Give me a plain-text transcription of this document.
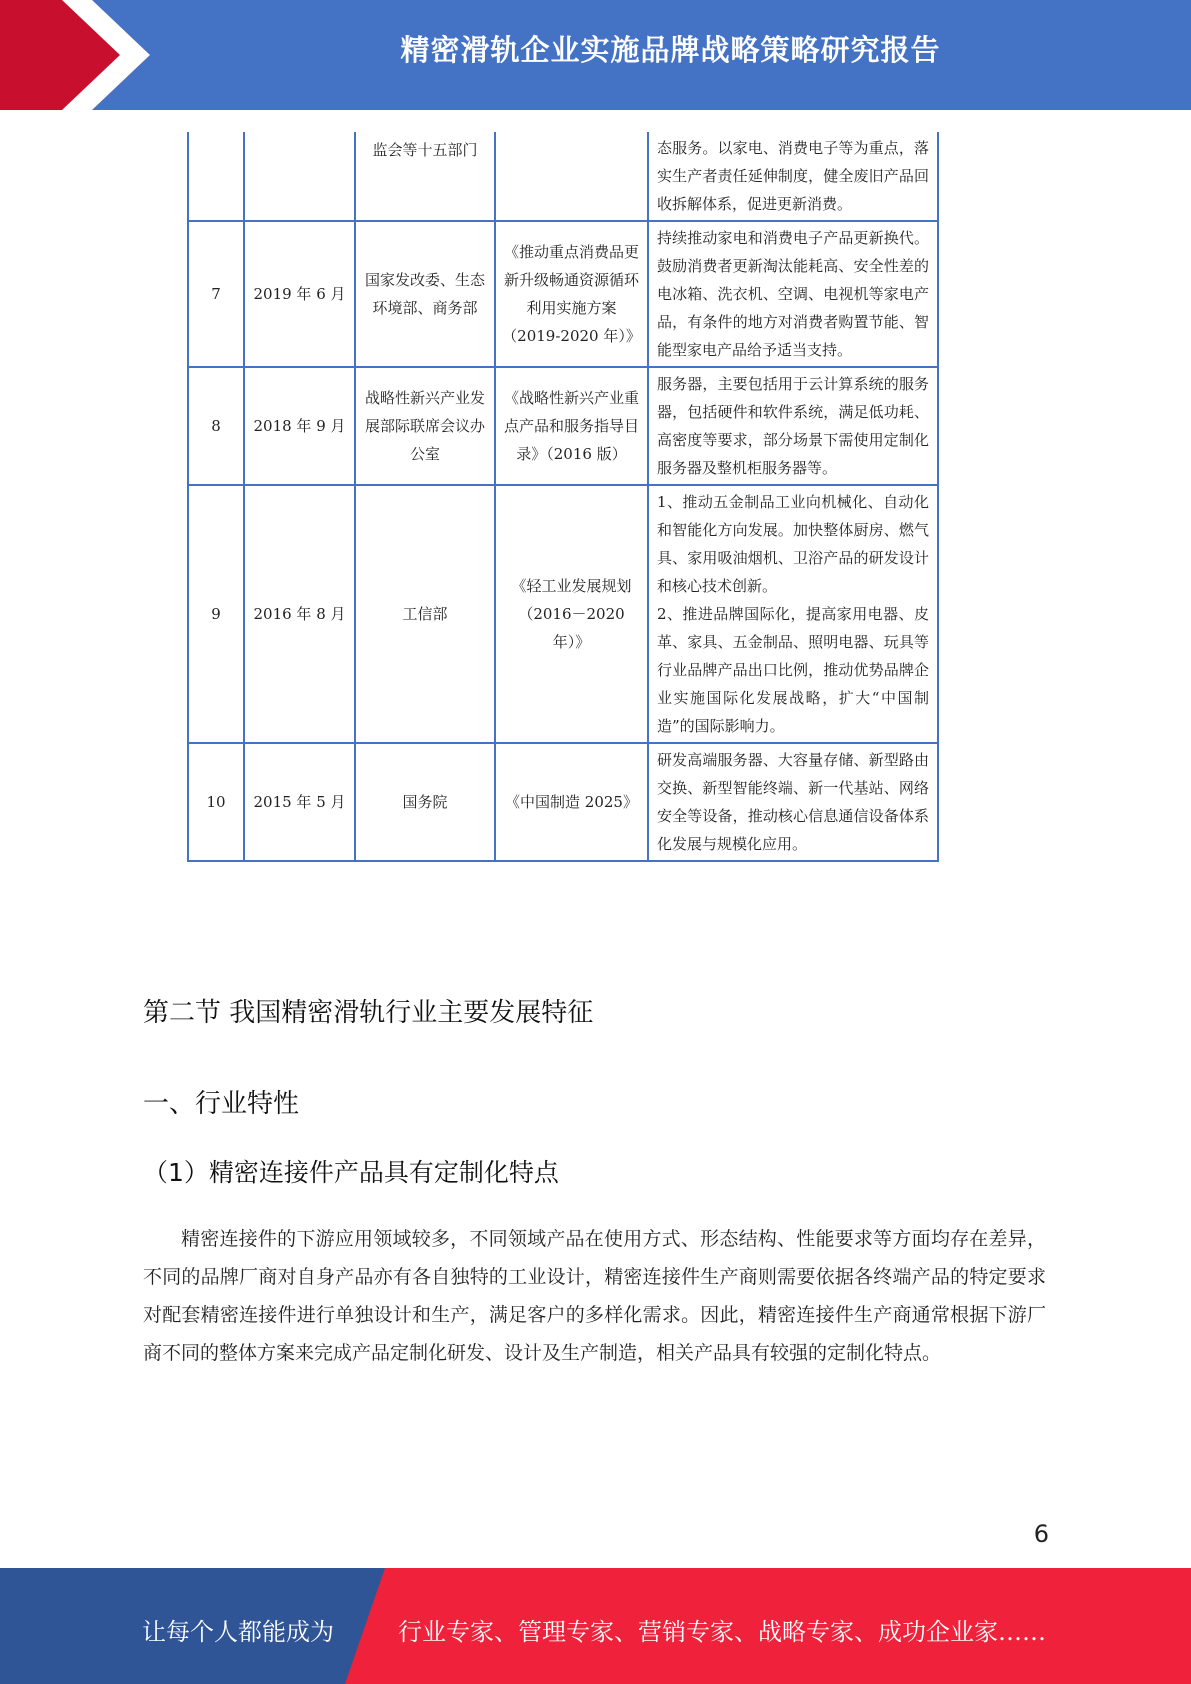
精密滑轨企业实施品牌战略策略研究报告
		监会等十五部门		态服务。以家电、消费电子等为重点，落实生产者责任延伸制度，健全废旧产品回收拆解体系，促进更新消费。
7	2019 年 6 月	国家发改委、生态环境部、商务部	《推动重点消费品更新升级畅通资源循环利用实施方案（2019-2020 年）》	持续推动家电和消费电子产品更新换代。鼓励消费者更新淘汰能耗高、安全性差的电冰箱、洗衣机、空调、电视机等家电产品，有条件的地方对消费者购置节能、智能型家电产品给予适当支持。
8	2018 年 9 月	战略性新兴产业发展部际联席会议办公室	《战略性新兴产业重点产品和服务指导目录》（2016 版）	服务器，主要包括用于云计算系统的服务器，包括硬件和软件系统，满足低功耗、高密度等要求，部分场景下需使用定制化服务器及整机柜服务器等。
9	2016 年 8 月	工信部	《轻工业发展规划（2016－2020 年）》	1、推动五金制品工业向机械化、自动化和智能化方向发展。加快整体厨房、燃气具、家用吸油烟机、卫浴产品的研发设计和核心技术创新。
2、推进品牌国际化，提高家用电器、皮革、家具、五金制品、照明电器、玩具等行业品牌产品出口比例，推动优势品牌企业实施国际化发展战略，扩大“中国制造”的国际影响力。

10	2015 年 5 月	国务院	《中国制造 2025》	研发高端服务器、大容量存储、新型路由交换、新型智能终端、新一代基站、网络安全等设备，推动核心信息通信设备体系化发展与规模化应用。
第二节 我国精密滑轨行业主要发展特征
一、行业特性
（1）精密连接件产品具有定制化特点

精密连接件的下游应用领域较多，不同领域产品在使用方式、形态结构、性能要求等方面均存在差异，不同的品牌厂商对自身产品亦有各自独特的工业设计，精密连接件生产商则需要依据各终端产品的特定要求对配套精密连接件进行单独设计和生产，满足客户的多样化需求。因此，精密连接件生产商通常根据下游厂商不同的整体方案来完成产品定制化研发、设计及生产制造，相关产品具有较强的定制化特点。

6
让每个人都能成为	行业专家、管理专家、营销专家、战略专家、成功企业家……
